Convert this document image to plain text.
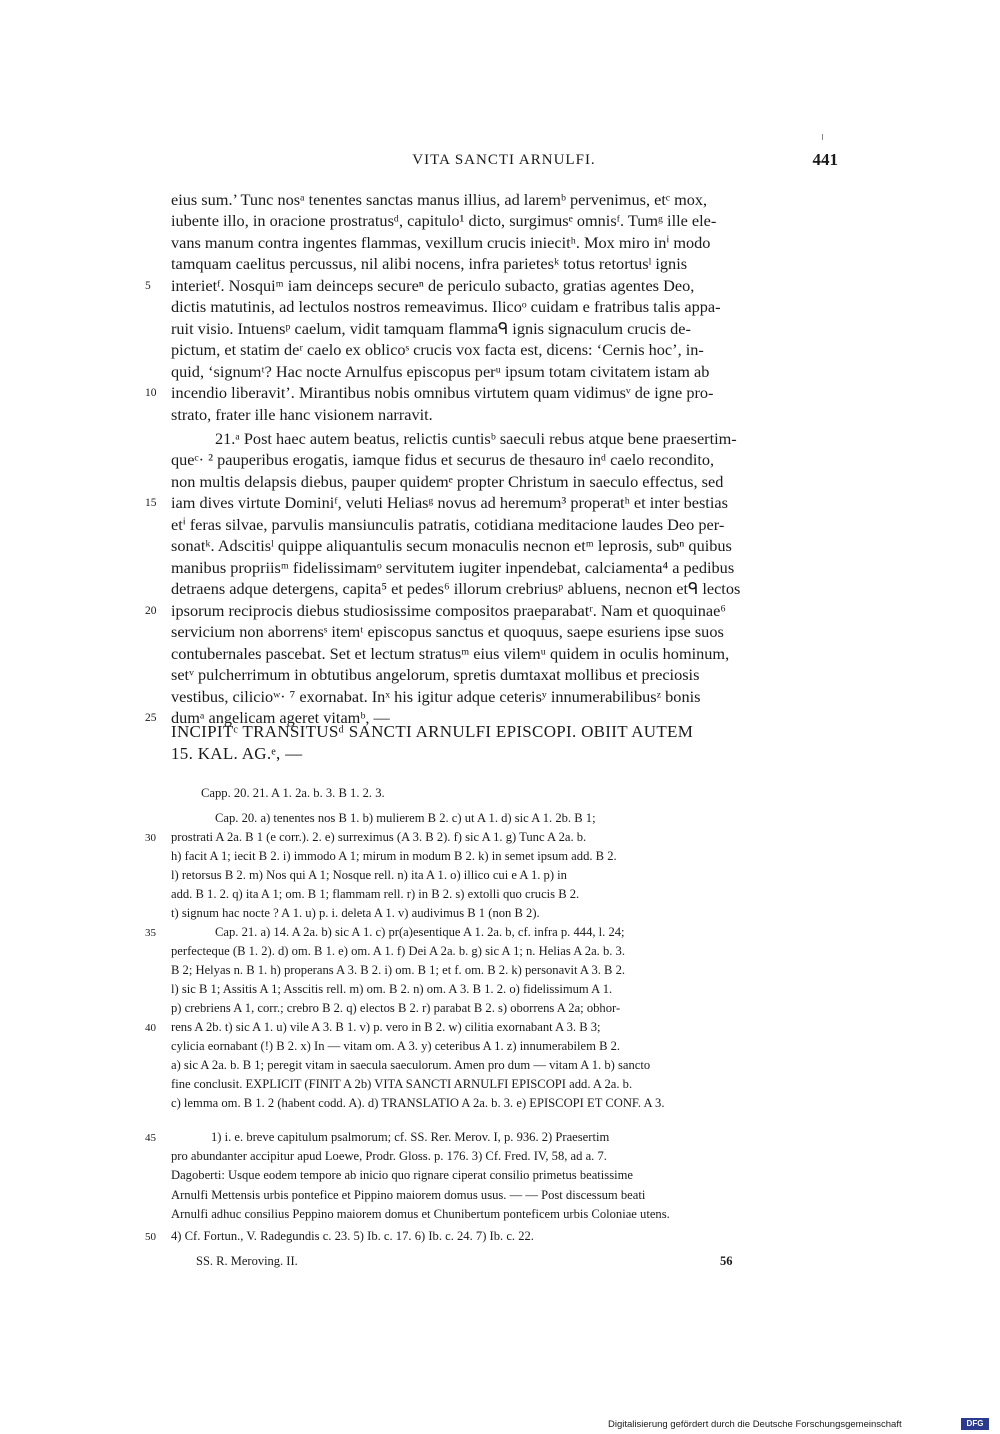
VITA SANCTI ARNULFI.	441
eius sum.’ Tunc nosᵃ tenentes sanctas manus illius, ad laremᵇ pervenimus, etᶜ mox,
iubente illo, in oracione prostratusᵈ, capitulo¹ dicto, surgimusᵉ omnisᶠ. Tumᵍ ille ele-
vans manum contra ingentes flammas, vexillum crucis iniecitʰ. Mox miro inⁱ modo
tamquam caelitus percussus, nil alibi nocens, infra parietesᵏ totus retortusˡ ignis
interietᶠ. Nosquiᵐ iam deinceps secureⁿ de periculo subacto, gratias agentes Deo,
dictis matutinis, ad lectulos nostros remeavimus. Ilicoᵒ cuidam e fratribus talis appa-
ruit visio. Intuensᵖ caelum, vidit tamquam flammaᑫ ignis signaculum crucis de-
pictum, et statim deʳ caelo ex oblicoˢ crucis vox facta est, dicens: ‘Cernis hoc’, in-
quid, ‘signumᵗ? Hac nocte Arnulfus episcopus perᵘ ipsum totam civitatem istam ab
incendio liberavit’. Mirantibus nobis omnibus virtutem quam vidimusᵛ de igne pro-
strato, frater ille hanc visionem narravit.
21.ᵃ Post haec autem beatus, relictis cuntisᵇ saeculi rebus atque bene praesertim-
queᶜ· ² pauperibus erogatis, iamque fidus et securus de thesauro inᵈ caelo recondito,
non multis delapsis diebus, pauper quidemᵉ propter Christum in saeculo effectus, sed
iam dives virtute Dominiᶠ, veluti Heliasᵍ novus ad heremum³ properatʰ et inter bestias
etⁱ feras silvae, parvulis mansiunculis patratis, cotidiana meditacione laudes Deo per-
sonatᵏ. Adscitisˡ quippe aliquantulis secum monaculis necnon etᵐ leprosis, subⁿ quibus
manibus propriisᵐ fidelissimamᵒ servitutem iugiter inpendebat, calciamenta⁴ a pedibus
detraens adque detergens, capita⁵ et pedes⁶ illorum crebriusᵖ abluens, necnon etᑫ lectos
ipsorum reciprocis diebus studiosissime compositos praeparabatʳ. Nam et quoquinae⁶
servicium non aborrensˢ itemᵗ episcopus sanctus et quoquus, saepe esuriens ipse suos
contubernales pascebat. Set et lectum stratusᵐ eius vilemᵘ quidem in oculis hominum,
setᵛ pulcherrimum in obtutibus angelorum, spretis dumtaxat mollibus et preciosis
vestibus, cilicioʷ· ⁷ exornabat. Inˣ his igitur adque ceterisʸ innumerabilibusᶻ bonis
dumᵃ angelicam ageret vitamᵇ, —
INCIPITᶜ TRANSITUSᵈ SANCTI ARNULFI EPISCOPI. OBIIT AUTEM
15. KAL. AG.ᵉ, —
Capp. 20. 21. A 1. 2a. b. 3. B 1. 2. 3.
Cap. 20. a) tenentes nos B 1. b) mulierem B 2. c) ut A 1. d) sic A 1. 2b. B 1;
prostrati A 2a. B 1 (e corr.). 2. e) surreximus (A 3. B 2). f) sic A 1. g) Tunc A 2a. b.
h) facit A 1; iecit B 2. i) immodo A 1; mirum in modum B 2. k) in semet ipsum add. B 2.
l) retorsus B 2. m) Nos qui A 1; Nosque rell. n) ita A 1. o) illico cui e A 1. p) in
add. B 1. 2. q) ita A 1; om. B 1; flammam rell. r) in B 2. s) extolli quo crucis B 2.
t) signum hac nocte ? A 1. u) p. i. deleta A 1. v) audivimus B 1 (non B 2).
Cap. 21. a) 14. A 2a. b) sic A 1. c) pr(a)esentique A 1. 2a. b, cf. infra p. 444, l. 24;
perfecteque (B 1. 2). d) om. B 1. e) om. A 1. f) Dei A 2a. b. g) sic A 1; n. Helias A 2a. b. 3.
B 2; Helyas n. B 1. h) properans A 3. B 2. i) om. B 1; et f. om. B 2. k) personavit A 3. B 2.
l) sic B 1; Assitis A 1; Asscitis rell. m) om. B 2. n) om. A 3. B 1. 2. o) fidelissimum A 1.
p) crebriens A 1, corr.; crebro B 2. q) electos B 2. r) parabat B 2. s) oborrens A 2a; obhor-
rens A 2b. t) sic A 1. u) vile A 3. B 1. v) p. vero in B 2. w) cilitia exornabant A 3. B 3;
cylicia eornabant (!) B 2. x) In — vitam om. A 3. y) ceteribus A 1. z) innumerabilem B 2.
a) sic A 2a. b. B 1; peregit vitam in saecula saeculorum. Amen pro dum — vitam A 1. b) sancto
fine conclusit. EXPLICIT (FINIT A 2b) VITA SANCTI ARNULFI EPISCOPI add. A 2a. b.
c) lemma om. B 1. 2 (habent codd. A). d) TRANSLATIO A 2a. b. 3. e) EPISCOPI ET CONF. A 3.
1) i. e. breve capitulum psalmorum; cf. SS. Rer. Merov. I, p. 936. 2) Praesertim
pro abundanter accipitur apud Loewe, Prodr. Gloss. p. 176. 3) Cf. Fred. IV, 58, ad a. 7.
Dagoberti: Usque eodem tempore ab inicio quo rignare ciperat consilio primetus beatissime
Arnulfi Mettensis urbis pontefice et Pippino maiorem domus usus. — — Post discessum beati
Arnulfi adhuc consilius Peppino maiorem domus et Chunibertum ponteficem urbis Coloniae utens.
4) Cf. Fortun., V. Radegundis c. 23. 5) Ib. c. 17. 6) Ib. c. 24. 7) Ib. c. 22.
SS. R. Meroving. II.	56
Digitalisierung gefördert durch die Deutsche Forschungsgemeinschaft	DFG
5
10
15
20
25
30
35
40
45
50
